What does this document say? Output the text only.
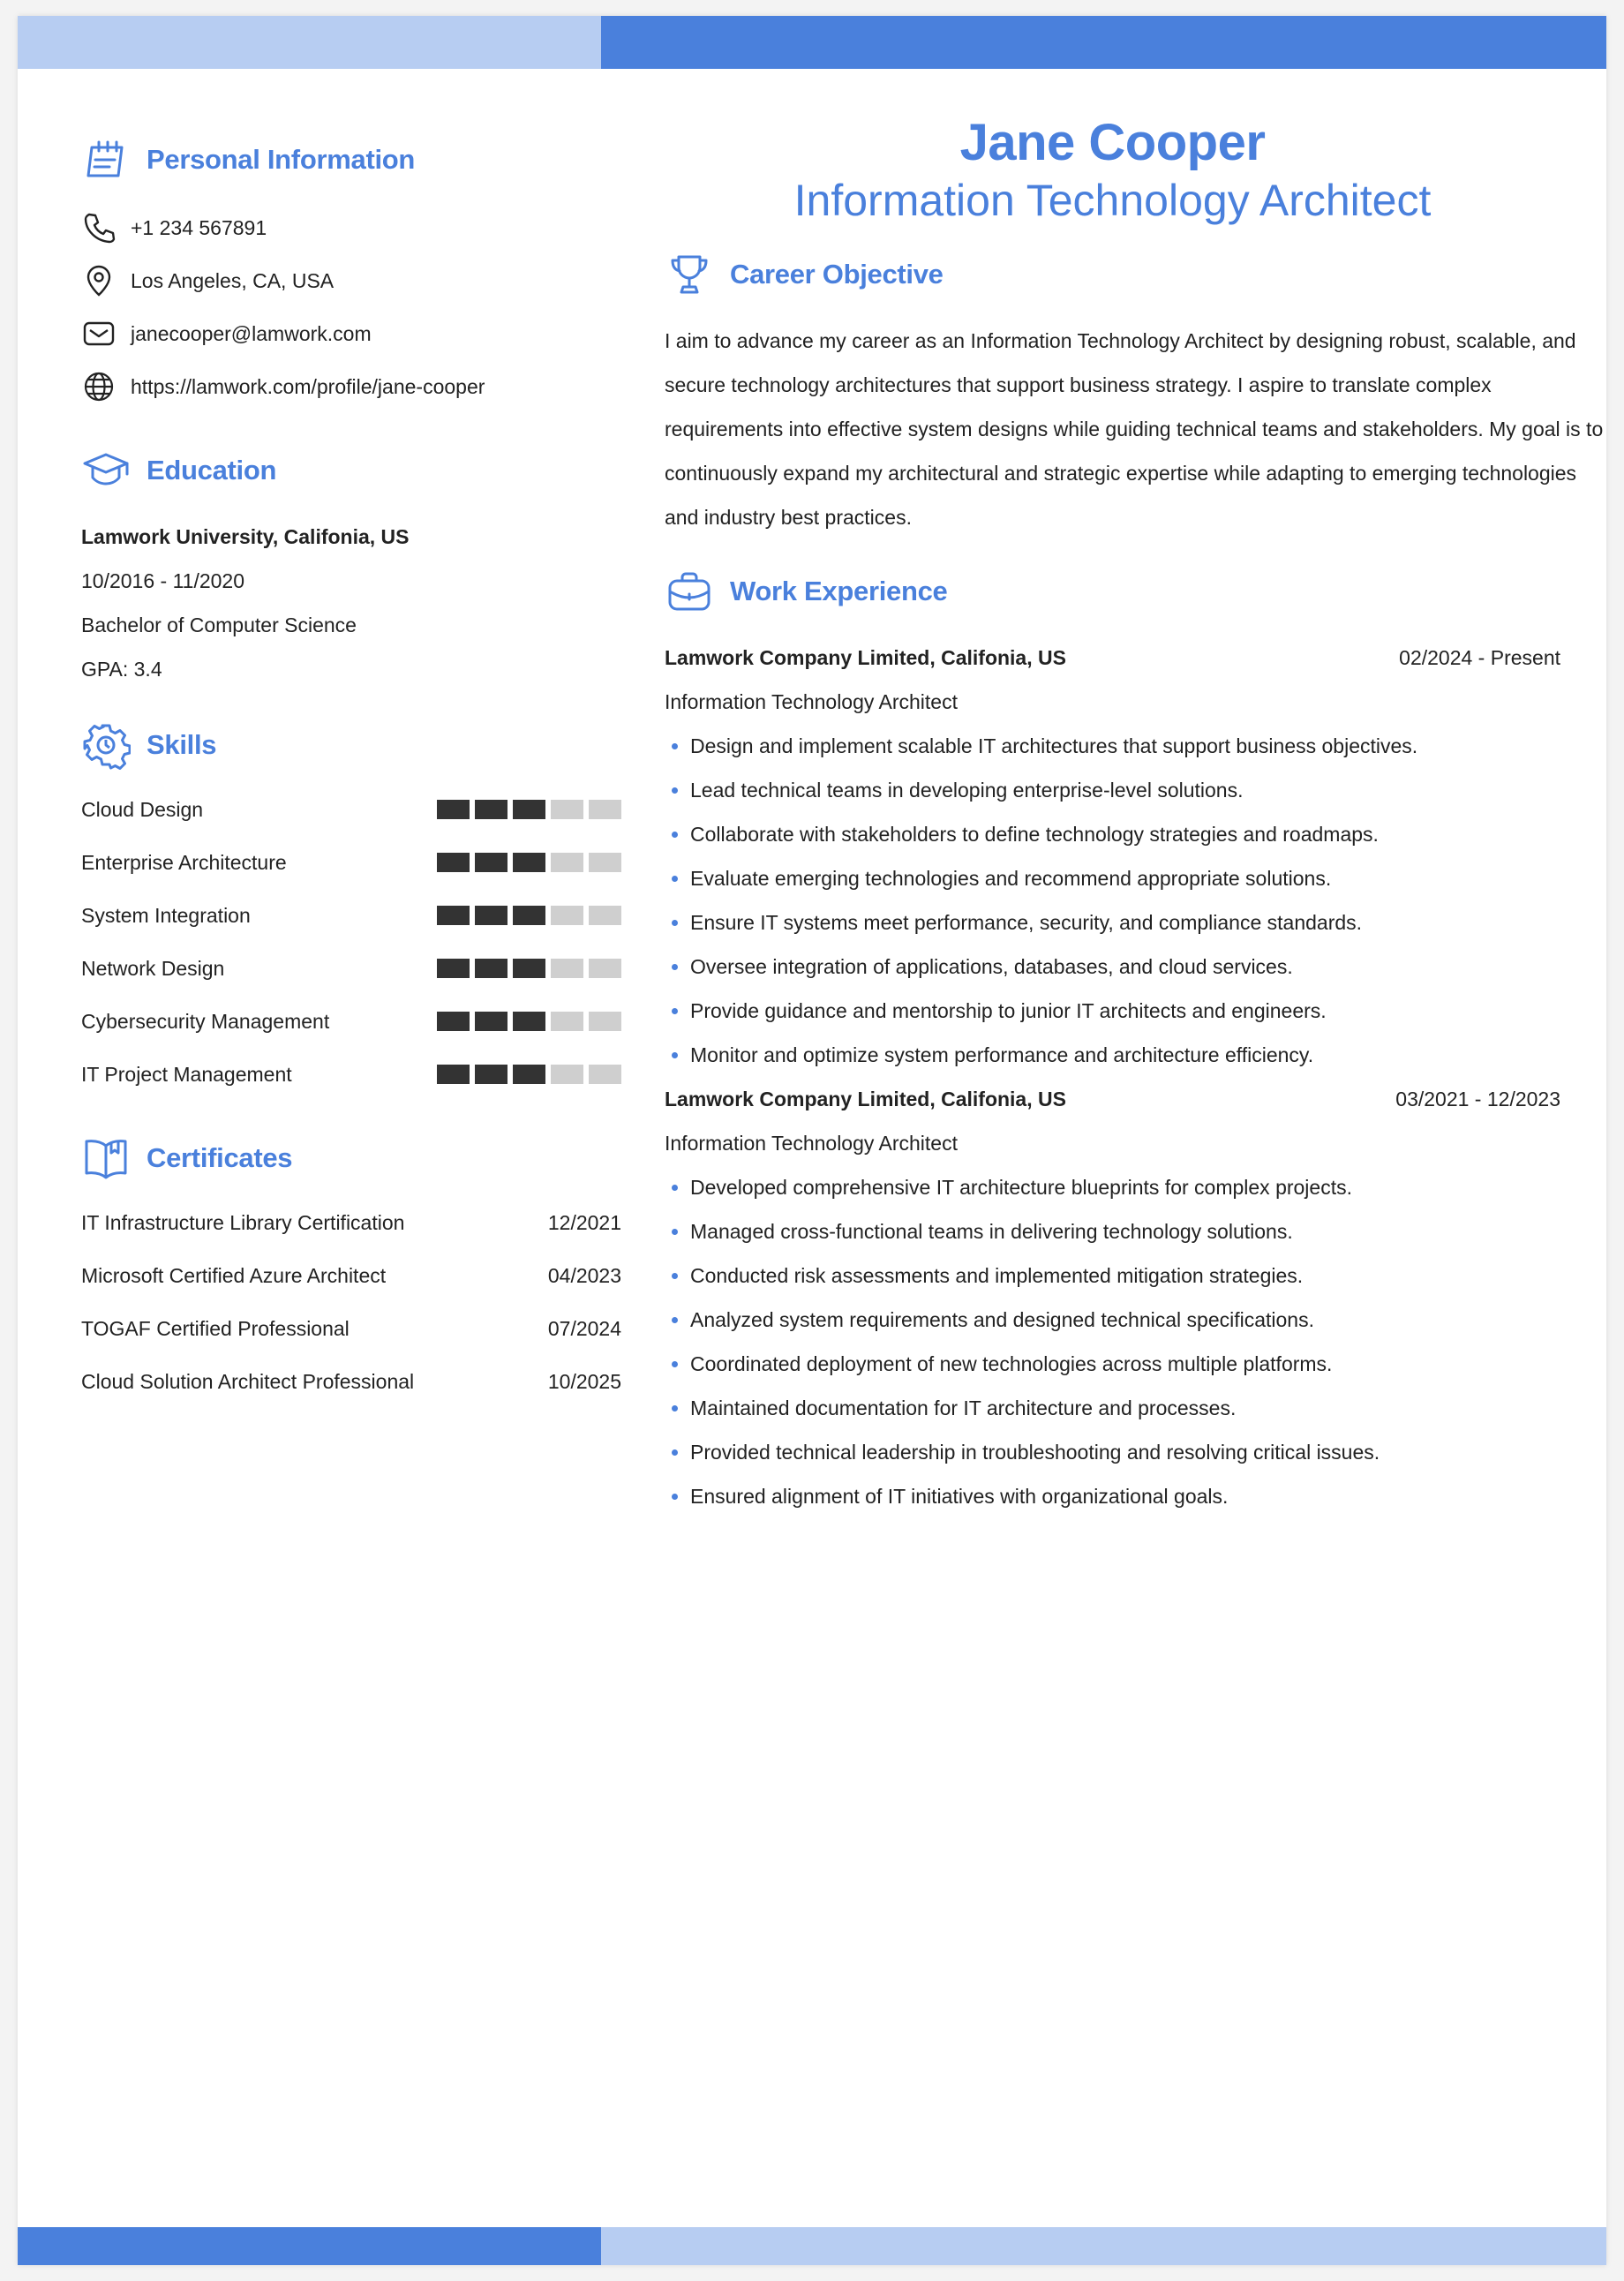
Personal Information
+1 234 567891
Los Angeles, CA, USA
janecooper@lamwork.com
https://lamwork.com/profile/jane-cooper
Education
Lamwork University, Califonia, US
10/2016 - 11/2020
Bachelor of Computer Science
GPA: 3.4
Skills
Cloud Design
Enterprise Architecture
System Integration
Network Design
Cybersecurity Management
IT Project Management
Certificates
IT Infrastructure Library Certification	12/2021
Microsoft Certified Azure Architect	04/2023
TOGAF Certified Professional	07/2024
Cloud Solution Architect Professional	10/2025
Jane Cooper
Information Technology Architect
Career Objective
I aim to advance my career as an Information Technology Architect by designing robust, scalable, and
secure technology architectures that support business strategy. I aspire to translate complex
requirements into effective system designs while guiding technical teams and stakeholders. My goal is to
continuously expand my architectural and strategic expertise while adapting to emerging technologies
and industry best practices.
Work Experience
Lamwork Company Limited, Califonia, US	02/2024 - Present
Information Technology Architect
Design and implement scalable IT architectures that support business objectives.
Lead technical teams in developing enterprise-level solutions.
Collaborate with stakeholders to define technology strategies and roadmaps.
Evaluate emerging technologies and recommend appropriate solutions.
Ensure IT systems meet performance, security, and compliance standards.
Oversee integration of applications, databases, and cloud services.
Provide guidance and mentorship to junior IT architects and engineers.
Monitor and optimize system performance and architecture efficiency.
Lamwork Company Limited, Califonia, US	03/2021 - 12/2023
Information Technology Architect
Developed comprehensive IT architecture blueprints for complex projects.
Managed cross-functional teams in delivering technology solutions.
Conducted risk assessments and implemented mitigation strategies.
Analyzed system requirements and designed technical specifications.
Coordinated deployment of new technologies across multiple platforms.
Maintained documentation for IT architecture and processes.
Provided technical leadership in troubleshooting and resolving critical issues.
Ensured alignment of IT initiatives with organizational goals.
